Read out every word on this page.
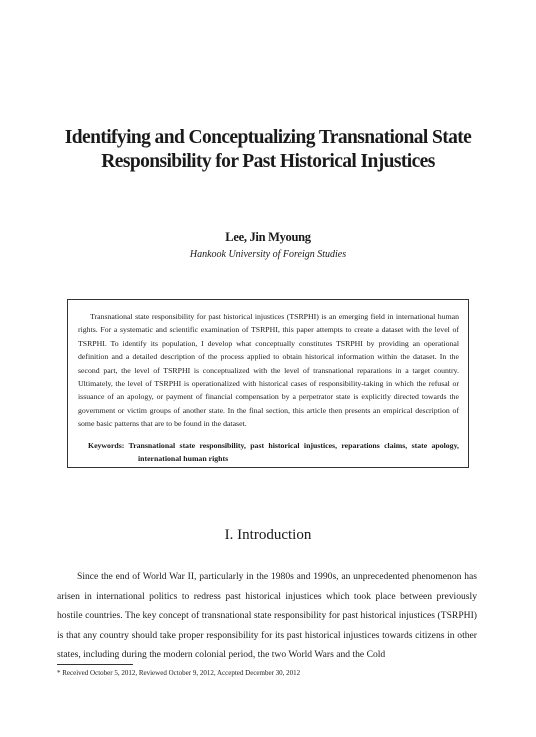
Identifying and Conceptualizing Transnational State
Responsibility for Past Historical Injustices
Lee, Jin Myoung
Hankook University of Foreign Studies

Transnational state responsibility for past historical injustices (TSRPHI) is an emerging field in international human rights. For a systematic and scientific examination of TSRPHI, this paper attempts to create a dataset with the level of TSRPHI. To identify its population, I develop what conceptually constitutes TSRPHI by providing an operational definition and a detailed description of the process applied to obtain historical information within the dataset. In the second part, the level of TSRPHI is conceptualized with the level of transnational reparations in a target country. Ultimately, the level of TSRPHI is operationalized with historical cases of responsibility-taking in which the refusal or issuance of an apology, or payment of financial compensation by a perpetrator state is explicitly directed towards the government or victim groups of another state. In the final section, this article then presents an empirical description of some basic patterns that are to be found in the dataset.

Keywords: Transnational state responsibility, past historical injustices, reparations claims, state apology, international human rights
I. Introduction

Since the end of World War II, particularly in the 1980s and 1990s, an unprecedented phenomenon has arisen in international politics to redress past historical injustices which took place between previously hostile countries. The key concept of transnational state responsibility for past historical injustices (TSRPHI) is that any country should take proper responsibility for its past historical injustices towards citizens in other states, including during the modern colonial period, the two World Wars and the Cold

* Received October 5, 2012, Reviewed October 9, 2012, Accepted December 30, 2012
